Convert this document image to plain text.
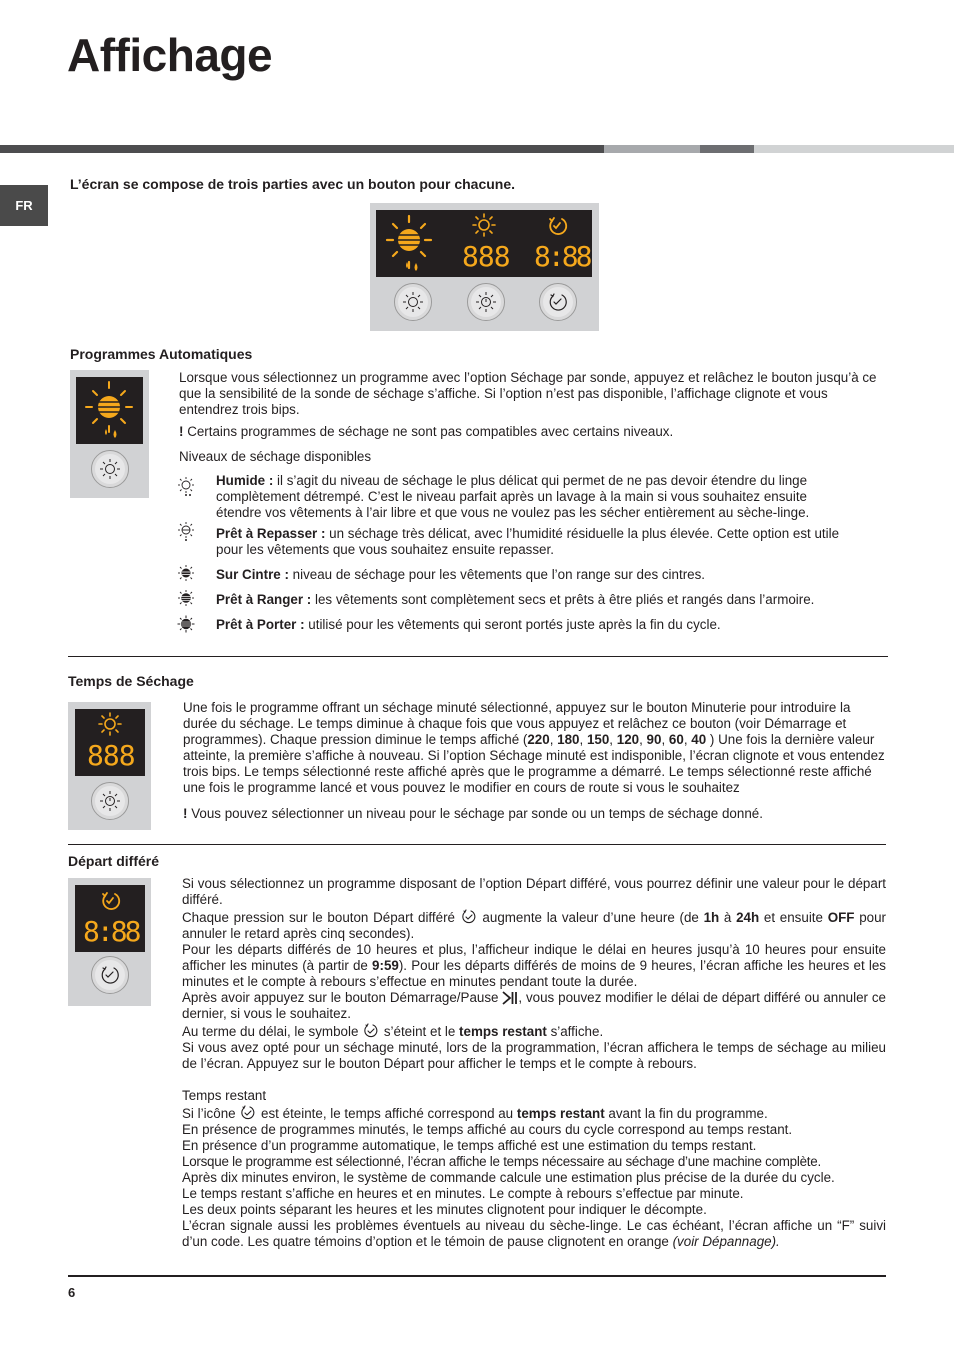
Affichage
FR
L’écran se compose de trois parties avec un bouton pour chacune.
888 8:88
Programmes Automatiques

Lorsque vous sélectionnez un programme avec l’option Séchage par sonde, appuyez et relâchez le bouton jusqu’à ce que la sensibilité de la sonde de séchage s’affiche. Si l’option n’est pas disponible, l’affichage clignote et vous entendrez trois bips.

! Certains programmes de séchage ne sont pas compatibles avec certains niveaux.

Niveaux de séchage disponibles

Humide : il s’agit du niveau de séchage le plus délicat qui permet de ne pas devoir étendre du linge complètement détrempé. C’est le niveau parfait après un lavage à la main si vous souhaitez ensuite étendre vos vêtements à l’air libre et que vous ne voulez pas les sécher entièrement au sèche-linge.
Prêt à Repasser : un séchage très délicat, avec l’humidité résiduelle la plus élevée. Cette option est utile pour les vêtements que vous souhaitez ensuite repasser.
Sur Cintre : niveau de séchage pour les vêtements que l’on range sur des cintres.
Prêt à Ranger : les vêtements sont complètement secs et prêts à être pliés et rangés dans l’armoire.
Prêt à Porter : utilisé pour les vêtements qui seront portés juste après la fin du cycle.
Temps de Séchage
888

Une fois le programme offrant un séchage minuté sélectionné, appuyez sur le bouton Minuterie pour introduire la durée du séchage. Le temps diminue à chaque fois que vous appuyez et relâchez ce bouton (voir Démarrage et programmes). Chaque pression diminue le temps affiché (220, 180, 150, 120, 90, 60, 40 ) Une fois la dernière valeur atteinte, la première s’affiche à nouveau. Si l’option Séchage minuté est indisponible, l’écran clignote et vous entendez trois bips. Le temps sélectionné reste affiché après que le programme a démarré. Le temps sélectionné reste affiché une fois le programme lancé et vous pouvez le modifier en cours de route si vous le souhaitez

! Vous pouvez sélectionner un niveau pour le séchage par sonde ou un temps de séchage donné.

Départ différé
8:88

Si vous sélectionnez un programme disposant de l’option Départ différé, vous pourrez définir une valeur pour le départ différé.

Chaque pression sur le bouton Départ différé  augmente la valeur d’une heure (de 1h à 24h et ensuite OFF pour annuler le retard après cinq secondes).

Pour les départs différés de 10 heures et plus, l’afficheur indique le délai en heures jusqu’à 10 heures pour ensuite afficher les minutes (à partir de 9:59). Pour les départs différés de moins de 9 heures, l’écran affiche les heures et les minutes et le compte à rebours s’effectue en minutes pendant toute la durée.

Après avoir appuyez sur le bouton Démarrage/Pause , vous pouvez modifier le délai de départ différé ou annuler ce dernier, si vous le souhaitez.

Au terme du délai, le symbole  s’éteint et le temps restant s’affiche.

Si vous avez opté pour un séchage minuté, lors de la programmation, l’écran affichera le temps de séchage au milieu de l’écran. Appuyez sur le bouton Départ pour afficher le temps et le compte à rebours.

Temps restant

Si l’icône  est éteinte, le temps affiché correspond au temps restant avant la fin du programme.

En présence de programmes minutés, le temps affiché au cours du cycle correspond au temps restant.

En présence d’un programme automatique, le temps affiché est une estimation du temps restant.

Lorsque le programme est sélectionné, l’écran affiche le temps nécessaire au séchage d’une machine complète.

Après dix minutes environ, le système de commande calcule une estimation plus précise de la durée du cycle.

Le temps restant s’affiche en heures et en minutes. Le compte à rebours s’effectue par minute.

Les deux points séparant les heures et les minutes clignotent pour indiquer le décompte.

L’écran signale aussi les problèmes éventuels au niveau du sèche-linge. Le cas échéant, l’écran affiche un “F” suivi d’un code. Les quatre témoins d’option et le témoin de pause clignotent en orange (voir Dépannage).

6
